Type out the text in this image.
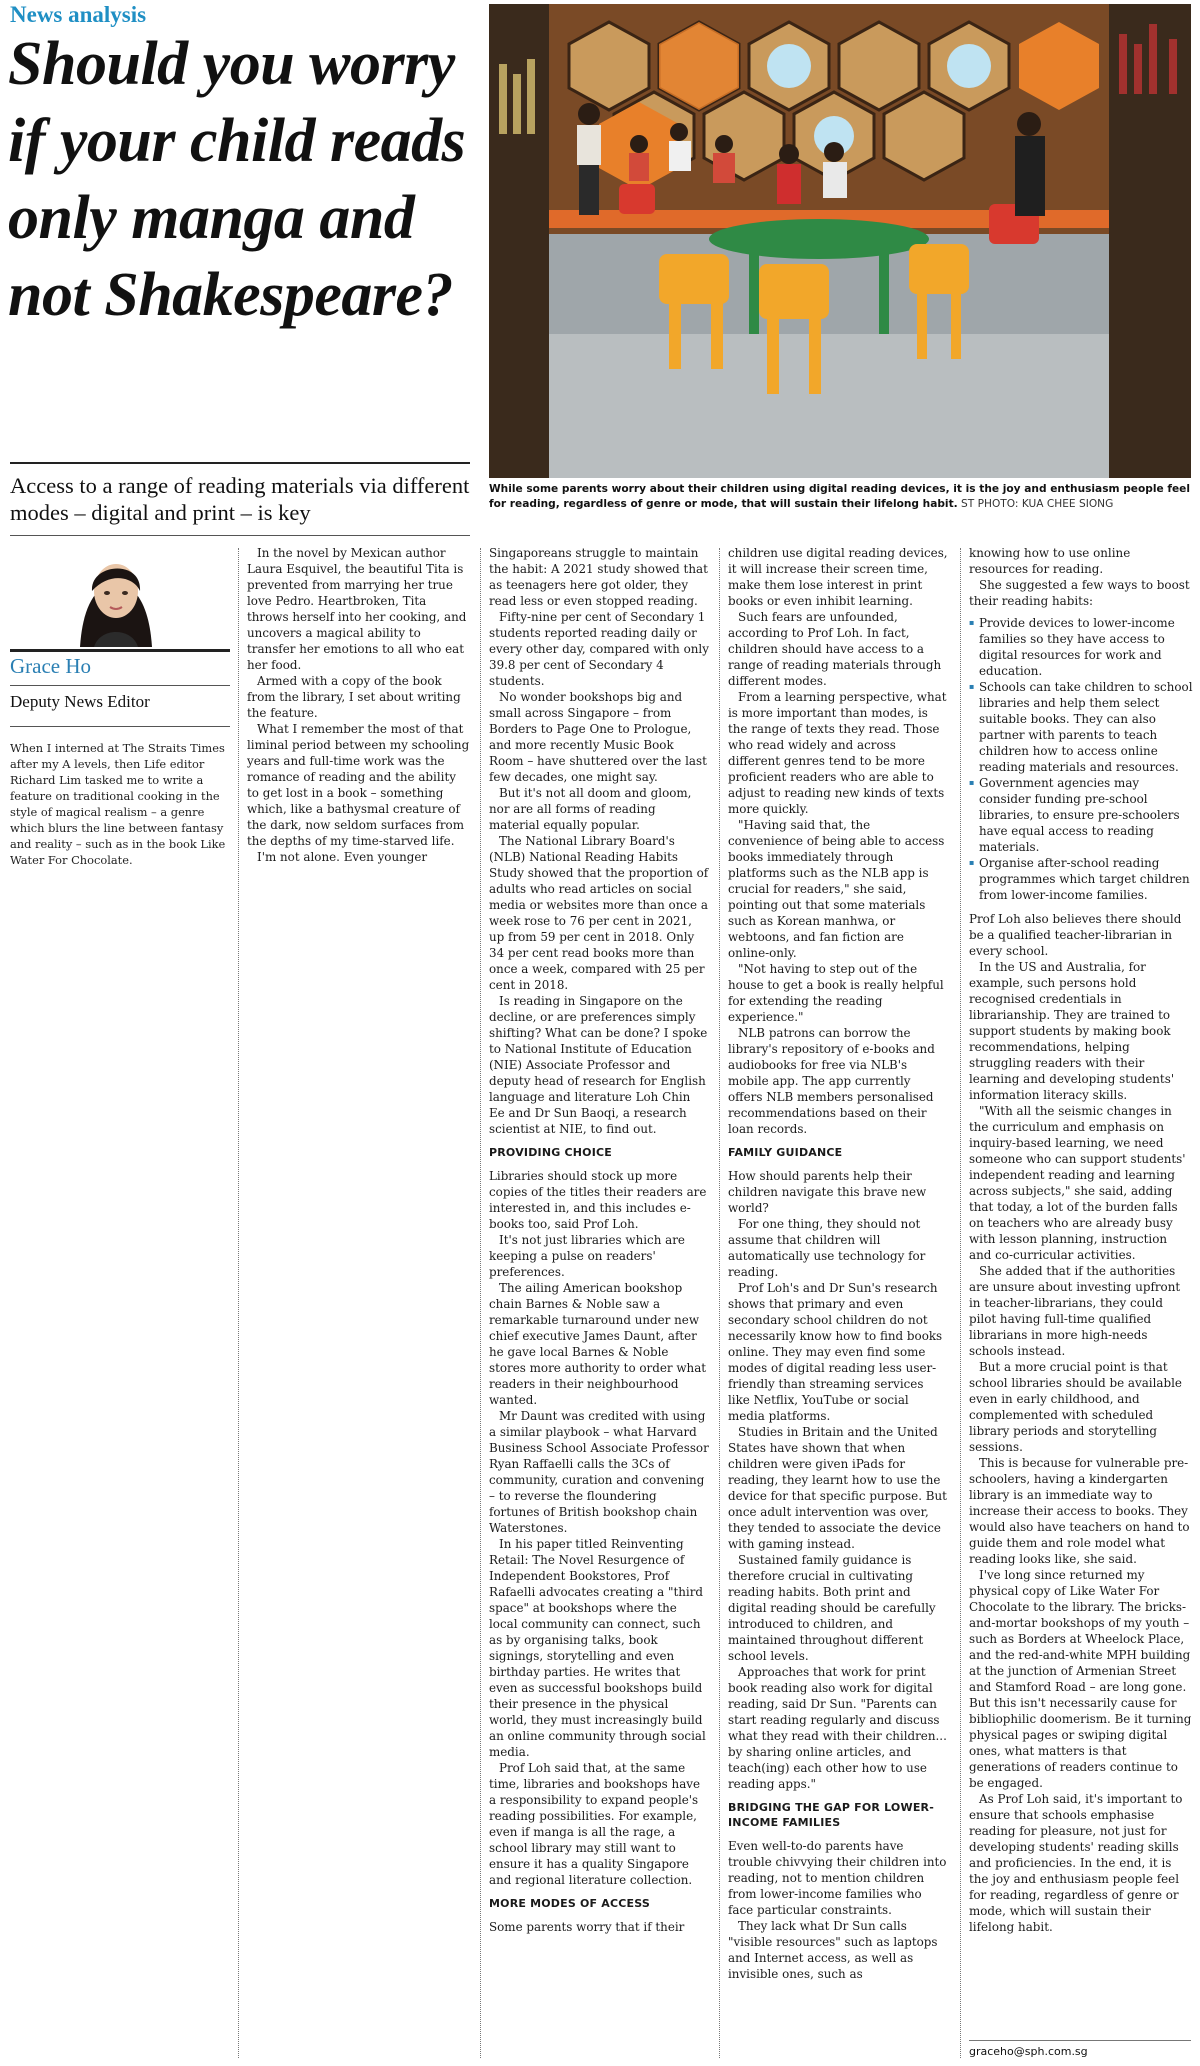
News analysis
Should you worry if your child reads only manga and not Shakespeare?
Access to a range of reading materials via different modes – digital and print – is key
While some parents worry about their children using digital reading devices, it is the joy and enthusiasm people feel for reading, regardless of genre or mode, that will sustain their lifelong habit. ST PHOTO: KUA CHEE SIONG
Grace Ho
Deputy News Editor
When I interned at The Straits Times after my A levels, then Life editor Richard Lim tasked me to write a feature on traditional cooking in the style of magical realism – a genre which blurs the line between fantasy and reality – such as in the book Like Water For Chocolate.

In the novel by Mexican author Laura Esquivel, the beautiful Tita is prevented from marrying her true love Pedro. Heartbroken, Tita throws herself into her cooking, and uncovers a magical ability to transfer her emotions to all who eat her food.

Armed with a copy of the book from the library, I set about writing the feature.

What I remember the most of that liminal period between my schooling years and full-time work was the romance of reading and the ability to get lost in a book – something which, like a bathysmal creature of the dark, now seldom surfaces from the depths of my time-starved life.

I'm not alone. Even younger

Singaporeans struggle to maintain the habit: A 2021 study showed that as teenagers here got older, they read less or even stopped reading.

Fifty-nine per cent of Secondary 1 students reported reading daily or every other day, compared with only 39.8 per cent of Secondary 4 students.

No wonder bookshops big and small across Singapore – from Borders to Page One to Prologue, and more recently Music Book Room – have shuttered over the last few decades, one might say.

But it's not all doom and gloom, nor are all forms of reading material equally popular.

The National Library Board's (NLB) National Reading Habits Study showed that the proportion of adults who read articles on social media or websites more than once a week rose to 76 per cent in 2021, up from 59 per cent in 2018. Only 34 per cent read books more than once a week, compared with 25 per cent in 2018.

Is reading in Singapore on the decline, or are preferences simply shifting? What can be done? I spoke to National Institute of Education (NIE) Associate Professor and deputy head of research for English language and literature Loh Chin Ee and Dr Sun Baoqi, a research scientist at NIE, to find out.

PROVIDING CHOICE

Libraries should stock up more copies of the titles their readers are interested in, and this includes e-books too, said Prof Loh.

It's not just libraries which are keeping a pulse on readers' preferences.

The ailing American bookshop chain Barnes & Noble saw a remarkable turnaround under new chief executive James Daunt, after he gave local Barnes & Noble stores more authority to order what readers in their neighbourhood wanted.

Mr Daunt was credited with using a similar playbook – what Harvard Business School Associate Professor Ryan Raffaelli calls the 3Cs of community, curation and convening – to reverse the floundering fortunes of British bookshop chain Waterstones.

In his paper titled Reinventing Retail: The Novel Resurgence of Independent Bookstores, Prof Rafaelli advocates creating a "third space" at bookshops where the local community can connect, such as by organising talks, book signings, storytelling and even birthday parties. He writes that even as successful bookshops build their presence in the physical world, they must increasingly build an online community through social media.

Prof Loh said that, at the same time, libraries and bookshops have a responsibility to expand people's reading possibilities. For example, even if manga is all the rage, a school library may still want to ensure it has a quality Singapore and regional literature collection.

MORE MODES OF ACCESS

Some parents worry that if their

children use digital reading devices, it will increase their screen time, make them lose interest in print books or even inhibit learning.

Such fears are unfounded, according to Prof Loh. In fact, children should have access to a range of reading materials through different modes.

From a learning perspective, what is more important than modes, is the range of texts they read. Those who read widely and across different genres tend to be more proficient readers who are able to adjust to reading new kinds of texts more quickly.

"Having said that, the convenience of being able to access books immediately through platforms such as the NLB app is crucial for readers," she said, pointing out that some materials such as Korean manhwa, or webtoons, and fan fiction are online-only.

"Not having to step out of the house to get a book is really helpful for extending the reading experience."

NLB patrons can borrow the library's repository of e-books and audiobooks for free via NLB's mobile app. The app currently offers NLB members personalised recommendations based on their loan records.

FAMILY GUIDANCE

How should parents help their children navigate this brave new world?

For one thing, they should not assume that children will automatically use technology for reading.

Prof Loh's and Dr Sun's research shows that primary and even secondary school children do not necessarily know how to find books online. They may even find some modes of digital reading less user-friendly than streaming services like Netflix, YouTube or social media platforms.

Studies in Britain and the United States have shown that when children were given iPads for reading, they learnt how to use the device for that specific purpose. But once adult intervention was over, they tended to associate the device with gaming instead.

Sustained family guidance is therefore crucial in cultivating reading habits. Both print and digital reading should be carefully introduced to children, and maintained throughout different school levels.

Approaches that work for print book reading also work for digital reading, said Dr Sun. "Parents can start reading regularly and discuss what they read with their children... by sharing online articles, and teach(ing) each other how to use reading apps."

BRIDGING THE GAP FOR LOWER-INCOME FAMILIES

Even well-to-do parents have trouble chivvying their children into reading, not to mention children from lower-income families who face particular constraints.

They lack what Dr Sun calls "visible resources" such as laptops and Internet access, as well as invisible ones, such as

knowing how to use online resources for reading.

She suggested a few ways to boost their reading habits:

▪ Provide devices to lower-income families so they have access to digital resources for work and education.
▪ Schools can take children to school libraries and help them select suitable books. They can also partner with parents to teach children how to access online reading materials and resources.
▪ Government agencies may consider funding pre-school libraries, to ensure pre-schoolers have equal access to reading materials.
▪ Organise after-school reading programmes which target children from lower-income families.

Prof Loh also believes there should be a qualified teacher-librarian in every school.

In the US and Australia, for example, such persons hold recognised credentials in librarianship. They are trained to support students by making book recommendations, helping struggling readers with their learning and developing students' information literacy skills.

"With all the seismic changes in the curriculum and emphasis on inquiry-based learning, we need someone who can support students' independent reading and learning across subjects," she said, adding that today, a lot of the burden falls on teachers who are already busy with lesson planning, instruction and co-curricular activities.

She added that if the authorities are unsure about investing upfront in teacher-librarians, they could pilot having full-time qualified librarians in more high-needs schools instead.

But a more crucial point is that school libraries should be available even in early childhood, and complemented with scheduled library periods and storytelling sessions.

This is because for vulnerable pre-schoolers, having a kindergarten library is an immediate way to increase their access to books. They would also have teachers on hand to guide them and role model what reading looks like, she said.

I've long since returned my physical copy of Like Water For Chocolate to the library. The bricks-and-mortar bookshops of my youth – such as Borders at Wheelock Place, and the red-and-white MPH building at the junction of Armenian Street and Stamford Road – are long gone. But this isn't necessarily cause for bibliophilic doomerism. Be it turning physical pages or swiping digital ones, what matters is that generations of readers continue to be engaged.

As Prof Loh said, it's important to ensure that schools emphasise reading for pleasure, not just for developing students' reading skills and proficiencies. In the end, it is the joy and enthusiasm people feel for reading, regardless of genre or mode, which will sustain their lifelong habit.

graceho@sph.com.sg
